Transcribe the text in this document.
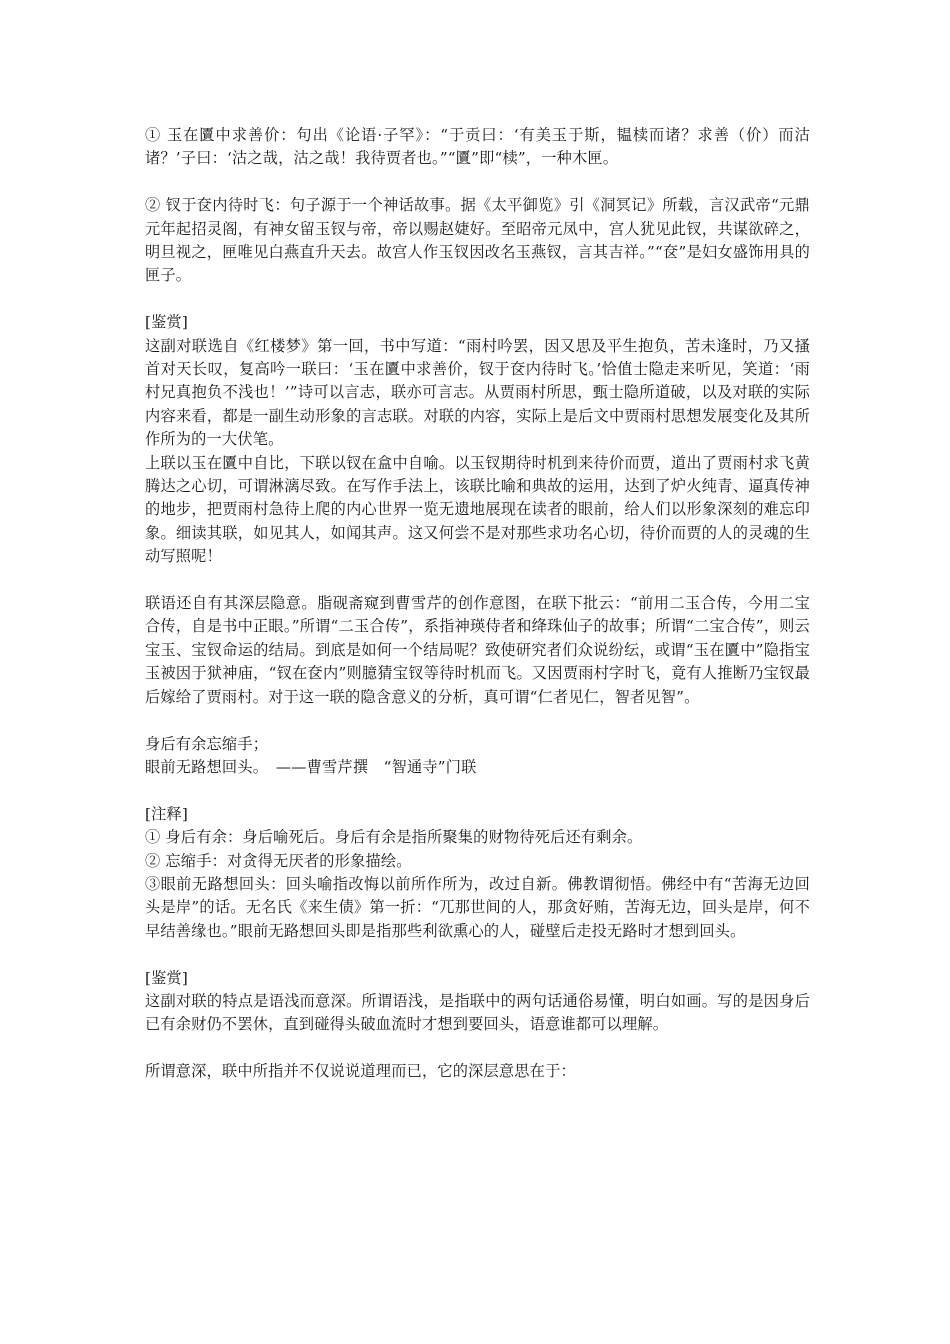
① 玉在匵中求善价：句出《论语·子罕》：“于贡曰：‘有美玉于斯，韫椟而诸？求善（价）而沽诸？’子曰：‘沽之哉，沽之哉！我待贾者也。”“匵”即“椟”，一种木匣。

② 钗于奁内待时飞：句子源于一个神话故事。据《太平御览》引《洞冥记》所载，言汉武帝“元鼎元年起招灵阁，有神女留玉钗与帝，帝以赐赵婕好。至昭帝元凤中，宫人犹见此钗，共谋欲碎之，明旦视之，匣唯见白燕直升天去。故宫人作玉钗因改名玉燕钗，言其吉祥。”“奁”是妇女盛饰用具的匣子。

[鉴赏]

这副对联选自《红楼梦》第一回，书中写道：“雨村吟罢，因又思及平生抱负，苦未逢时，乃又搔首对天长叹，复高吟一联曰：‘玉在匵中求善价，钗于奁内待时飞。’恰值士隐走来听见，笑道：‘雨村兄真抱负不浅也！’”诗可以言志，联亦可言志。从贾雨村所思，甄士隐所道破，以及对联的实际内容来看，都是一副生动形象的言志联。对联的内容，实际上是后文中贾雨村思想发展变化及其所作所为的一大伏笔。

上联以玉在匵中自比，下联以钗在盒中自喻。以玉钗期待时机到来待价而贾，道出了贾雨村求飞黄腾达之心切，可谓淋漓尽致。在写作手法上，该联比喻和典故的运用，达到了炉火纯青、逼真传神的地步，把贾雨村急待上爬的内心世界一览无遗地展现在读者的眼前，给人们以形象深刻的难忘印象。细读其联，如见其人，如闻其声。这又何尝不是对那些求功名心切，待价而贾的人的灵魂的生动写照呢！

联语还自有其深层隐意。脂砚斋窥到曹雪芹的创作意图，在联下批云：“前用二玉合传，今用二宝合传，自是书中正眼。”所谓“二玉合传”，系指神瑛侍者和绛珠仙子的故事；所谓“二宝合传”，则云宝玉、宝钗命运的结局。到底是如何一个结局呢？致使研究者们众说纷纭，或谓“玉在匵中”隐指宝玉被因于狱神庙，“钗在奁内”则臆猜宝钗等待时机而飞。又因贾雨村字时飞，竟有人推断乃宝钗最后嫁给了贾雨村。对于这一联的隐含意义的分析，真可谓“仁者见仁，智者见智”。

身后有余忘缩手；

眼前无路想回头。　——曹雪芹撰　“智通寺”门联

[注释]

① 身后有余：身后喻死后。身后有余是指所聚集的财物待死后还有剩余。

② 忘缩手：对贪得无厌者的形象描绘。

③眼前无路想回头：回头喻指改悔以前所作所为，改过自新。佛教谓彻悟。佛经中有“苦海无边回头是岸”的话。无名氏《来生债》第一折：“兀那世间的人，那贪好贿，苦海无边，回头是岸，何不早结善缘也。”眼前无路想回头即是指那些利欲熏心的人，碰壁后走投无路时才想到回头。

[鉴赏]

这副对联的特点是语浅而意深。所谓语浅，是指联中的两句话通俗易懂，明白如画。写的是因身后已有余财仍不罢休，直到碰得头破血流时才想到要回头，语意谁都可以理解。

所谓意深，联中所指并不仅说说道理而已，它的深层意思在于：
